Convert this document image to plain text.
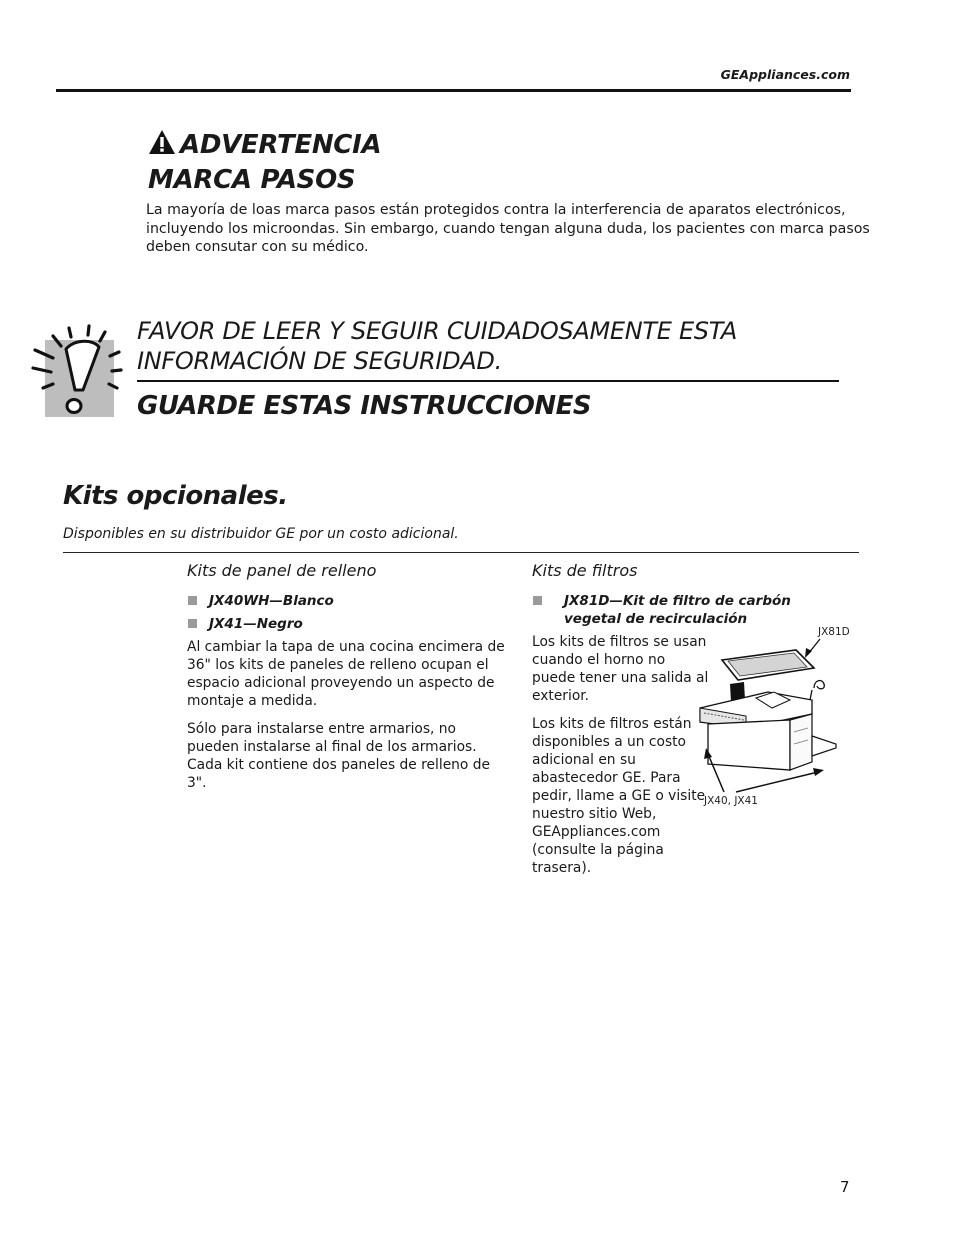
GEAppliances.com
ADVERTENCIA
MARCA PASOS
La mayoría de loas marca pasos están protegidos contra la interferencia de aparatos electrónicos, incluyendo los microondas. Sin embargo, cuando tengan alguna duda, los pacientes con marca pasos deben consutar con su médico.
FAVOR DE LEER Y SEGUIR CUIDADOSAMENTE ESTA
INFORMACIÓN DE SEGURIDAD.
GUARDE ESTAS INSTRUCCIONES
Kits opcionales.
Disponibles en su distribuidor GE por un costo adicional.
Kits de panel de relleno
JX40WH—Blanco
JX41—Negro

Al cambiar la tapa de una cocina encimera de 36" los kits de paneles de relleno ocupan el espacio adicional proveyendo un aspecto de montaje a medida.

Sólo para instalarse entre armarios, no pueden instalarse al final de los armarios. Cada kit contiene dos paneles de relleno de 3".

Kits de filtros
JX81D—Kit de filtro de carbón vegetal de recirculación

Los kits de filtros se usan cuando el horno no puede tener una salida al exterior.

Los kits de filtros están disponibles a un costo adicional en su abastecedor GE. Para pedir, llame a GE o visite nuestro sitio Web, GEAppliances.com (consulte la página trasera).

JX81D
JX40, JX41
7
